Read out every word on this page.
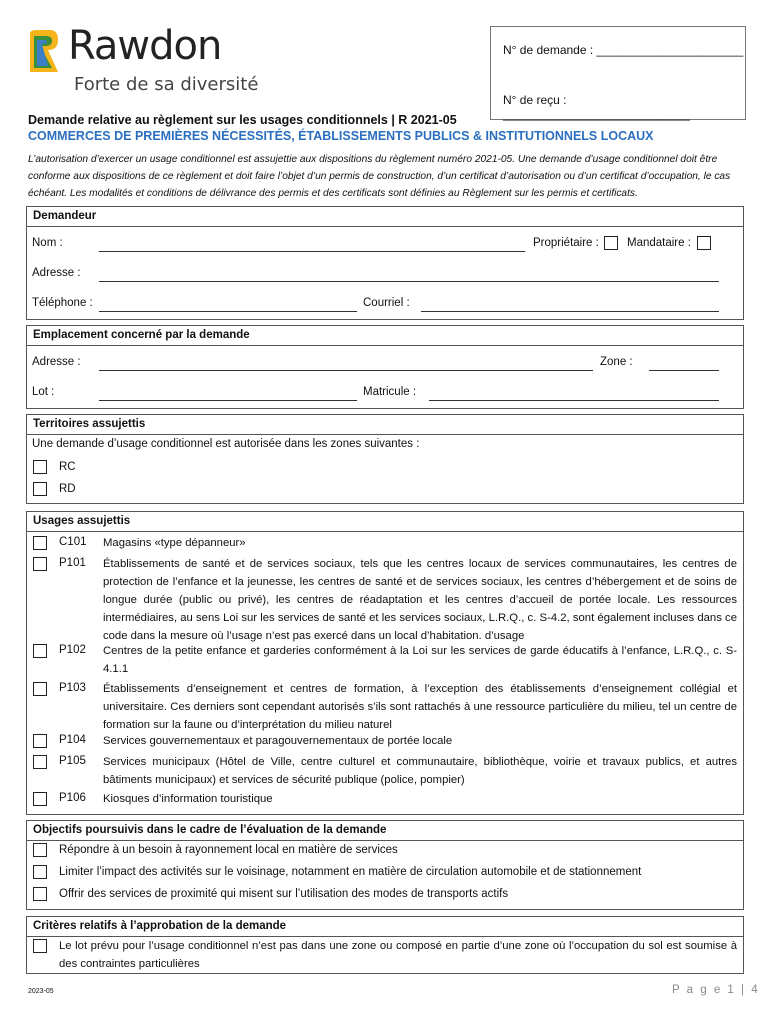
Rawdon
Forte de sa diversité
N° de demande : ______________________
N° de reçu : ____________________________
Demande relative au règlement sur les usages conditionnels | R 2021-05
COMMERCES DE PREMIÈRES NÉCESSITÉS, ÉTABLISSEMENTS PUBLICS & INSTITUTIONNELS LOCAUX
L’autorisation d’exercer un usage conditionnel est assujettie aux dispositions du règlement numéro 2021-05. Une demande d’usage conditionnel doit être conforme aux dispositions de ce règlement et doit faire l’objet d’un permis de construction, d’un certificat d’autorisation ou d’un certificat d’occupation, le cas échéant. Les modalités et conditions de délivrance des permis et des certificats sont définies au Règlement sur les permis et certificats.
Demandeur
Nom :	Propriétaire : Mandataire :
Adresse :
Téléphone :	Courriel :
Emplacement concerné par la demande
Adresse :	Zone :
Lot :	Matricule :
Territoires assujettis
Une demande d’usage conditionnel est autorisée dans les zones suivantes :
RC
RD
Usages assujettis
C101 Magasins «type dépanneur»
P101 Établissements de santé et de services sociaux, tels que les centres locaux de services communautaires, les centres de protection de l’enfance et la jeunesse, les centres de santé et de services sociaux, les centres d’hébergement et de soins de longue durée (public ou privé), les centres de réadaptation et les centres d’accueil de portée locale. Les ressources intermédiaires, au sens Loi sur les services de santé et les services sociaux, L.R.Q., c. S-4.2, sont également incluses dans ce code dans la mesure où l’usage n’est pas exercé dans un local d’habitation. d’usage
P102 Centres de la petite enfance et garderies conformément à la Loi sur les services de garde éducatifs à l’enfance, L.R.Q., c. S-4.1.1
P103 Établissements d’enseignement et centres de formation, à l’exception des établissements d’enseignement collégial et universitaire. Ces derniers sont cependant autorisés s’ils sont rattachés à une ressource particulière du milieu, tel un centre de formation sur la faune ou d’interprétation du milieu naturel
P104 Services gouvernementaux et paragouvernementaux de portée locale
P105 Services municipaux (Hôtel de Ville, centre culturel et communautaire, bibliothèque, voirie et travaux publics, et autres bâtiments municipaux) et services de sécurité publique (police, pompier)
P106 Kiosques d’information touristique
Objectifs poursuivis dans le cadre de l’évaluation de la demande
Répondre à un besoin à rayonnement local en matière de services
Limiter l’impact des activités sur le voisinage, notamment en matière de circulation automobile et de stationnement
Offrir des services de proximité qui misent sur l’utilisation des modes de transports actifs
Critères relatifs à l’approbation de la demande
Le lot prévu pour l’usage conditionnel n’est pas dans une zone ou composé en partie d’une zone où l’occupation du sol est soumise à des contraintes particulières
2023-05	P a g e 1 | 4
